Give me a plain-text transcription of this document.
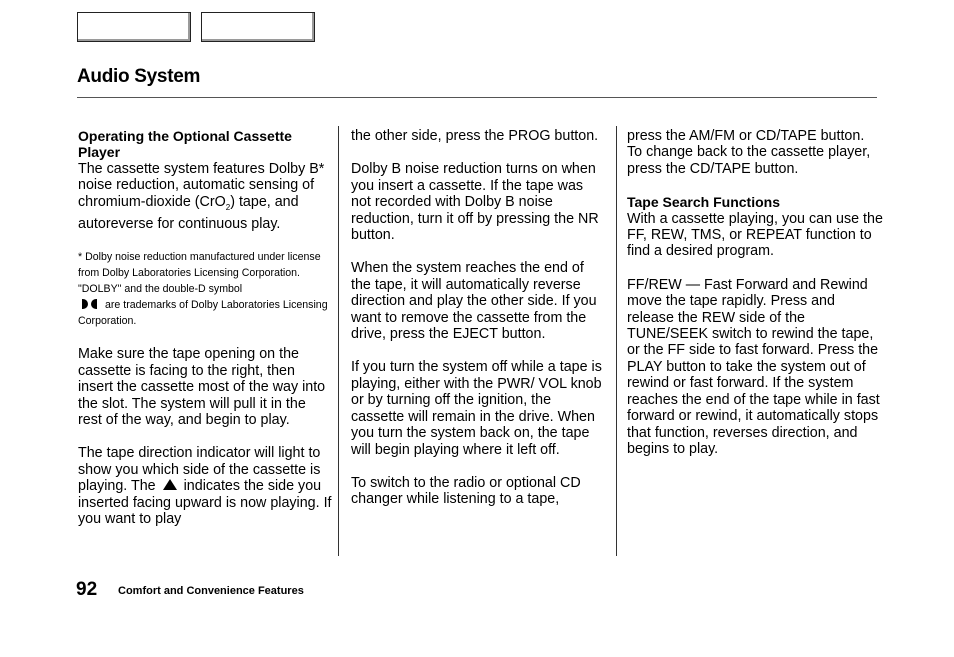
Audio System

Operating the Optional Cassette Player

The cassette system features Dolby B* noise reduction, automatic sensing of chromium-dioxide (CrO$_2$) tape, and autoreverse for continuous play.

* Dolby noise reduction manufactured under license from Dolby Laboratories Licensing Corporation. "DOLBY" and the double-D symbol

are trademarks of Dolby Laboratories Licensing Corporation.

Make sure the tape opening on the cassette is facing to the right, then insert the cassette most of the way into the slot. The system will pull it in the rest of the way, and begin to play.

The tape direction indicator will light to show you which side of the cassette is playing. The indicates the side you inserted facing upward is now playing. If you want to play

the other side, press the PROG button.

Dolby B noise reduction turns on when you insert a cassette. If the tape was not recorded with Dolby B noise reduction, turn it off by pressing the NR button.

When the system reaches the end of the tape, it will automatically reverse direction and play the other side. If you want to remove the cassette from the drive, press the EJECT button.

If you turn the system off while a tape is playing, either with the PWR/ VOL knob or by turning off the ignition, the cassette will remain in the drive. When you turn the system back on, the tape will begin playing where it left off.

To switch to the radio or optional CD changer while listening to a tape,

press the AM/FM or CD/TAPE button. To change back to the cassette player, press the CD/TAPE button.

Tape Search Functions

With a cassette playing, you can use the FF, REW, TMS, or REPEAT function to find a desired program.

FF/REW — Fast Forward and Rewind move the tape rapidly. Press and release the REW side of the TUNE/SEEK switch to rewind the tape, or the FF side to fast forward. Press the PLAY button to take the system out of rewind or fast forward. If the system reaches the end of the tape while in fast forward or rewind, it automatically stops that function, reverses direction, and begins to play.

92 Comfort and Convenience Features
